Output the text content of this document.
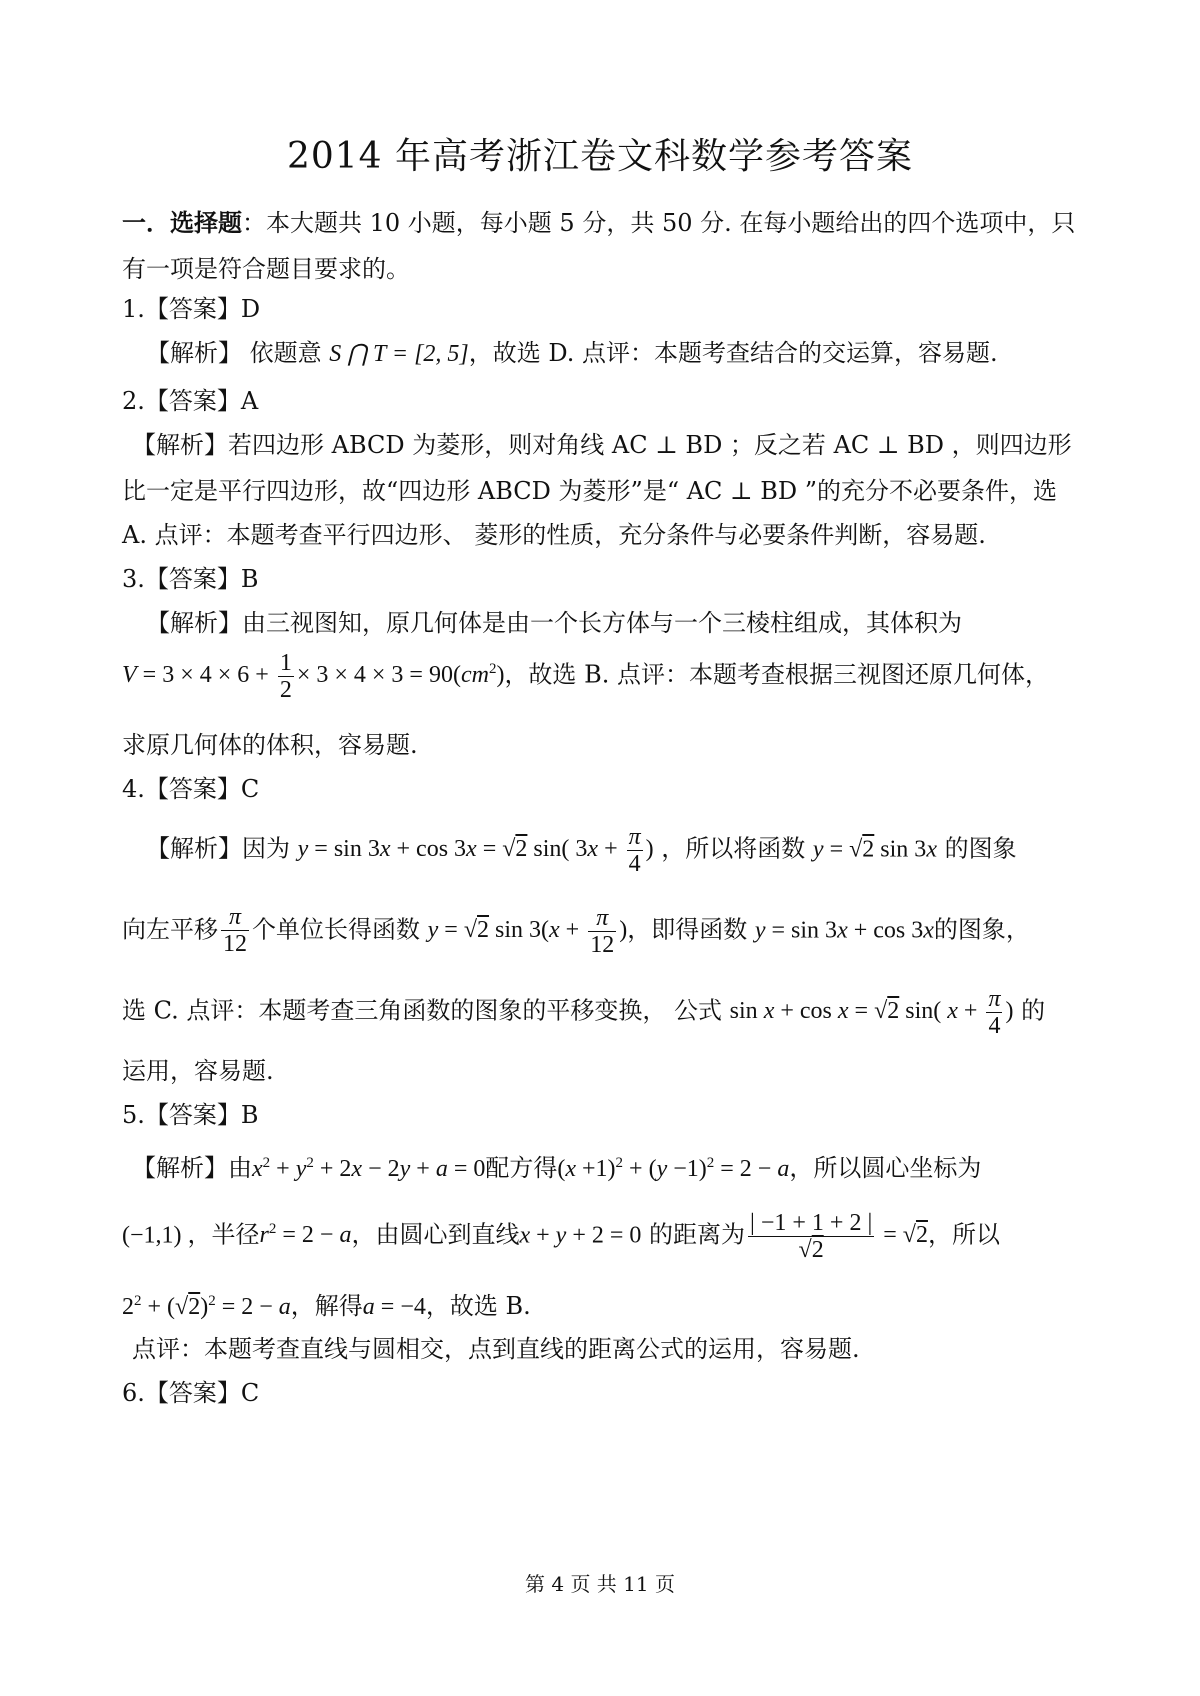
2014 年高考浙江卷文科数学参考答案
一．选择题：本大题共 10 小题，每小题 5 分，共 50 分. 在每小题给出的四个选项中，只
有一项是符合题目要求的。
1.【答案】D
【解析】 依题意 S ⋂ T = [2, 5]，故选 D. 点评：本题考查结合的交运算，容易题.
2.【答案】A
【解析】若四边形 ABCD 为菱形，则对角线 AC ⊥ BD ；反之若 AC ⊥ BD ，则四边形
比一定是平行四边形，故“四边形 ABCD 为菱形”是“ AC ⊥ BD ”的充分不必要条件，选
A. 点评：本题考查平行四边形、 菱形的性质，充分条件与必要条件判断，容易题.
3.【答案】B
【解析】由三视图知，原几何体是由一个长方体与一个三棱柱组成，其体积为
$V = 3 \times 4 \times 6 + \frac{1}{2} \times 3 \times 4 \times 3 = 90(cm^2)$，故选 B. 点评：本题考查根据三视图还原几何体，
求原几何体的体积，容易题.
4.【答案】C
【解析】因为 y = sin 3x + cos 3x = √2 sin( $3x + \frac{\pi}{4}$ ) ，所以将函数 y = √2 sin 3x 的图象
向左平移 $\frac{\pi}{12}$ 个单位长得函数 y = √2 $\sin 3(x + \frac{\pi}{12}$ )，即得函数 y = sin 3x + cos 3x的图象，
选 C. 点评：本题考查三角函数的图象的平移变换， 公式 sin x + cos x = √2 sin( $x + \frac{\pi}{4}$ ) 的
运用，容易题.
5.【答案】B
【解析】由$x^2 + y^2 + 2x - 2y + a = 0$配方得$(x +1)^2 + (y -1)^2 = 2 - a$，所以圆心坐标为
(−1,1) ，半径$r^2 = 2 - a$，由圆心到直线x + y + 2 = 0 的距离为 $\frac{| -1 + 1 + 2 |}{√2} = √2$，所以
$2^2 + (√2)^2 = 2 - a$，解得a = −4，故选 B.
点评：本题考查直线与圆相交，点到直线的距离公式的运用，容易题.
6.【答案】C
第 4 页 共 11 页
